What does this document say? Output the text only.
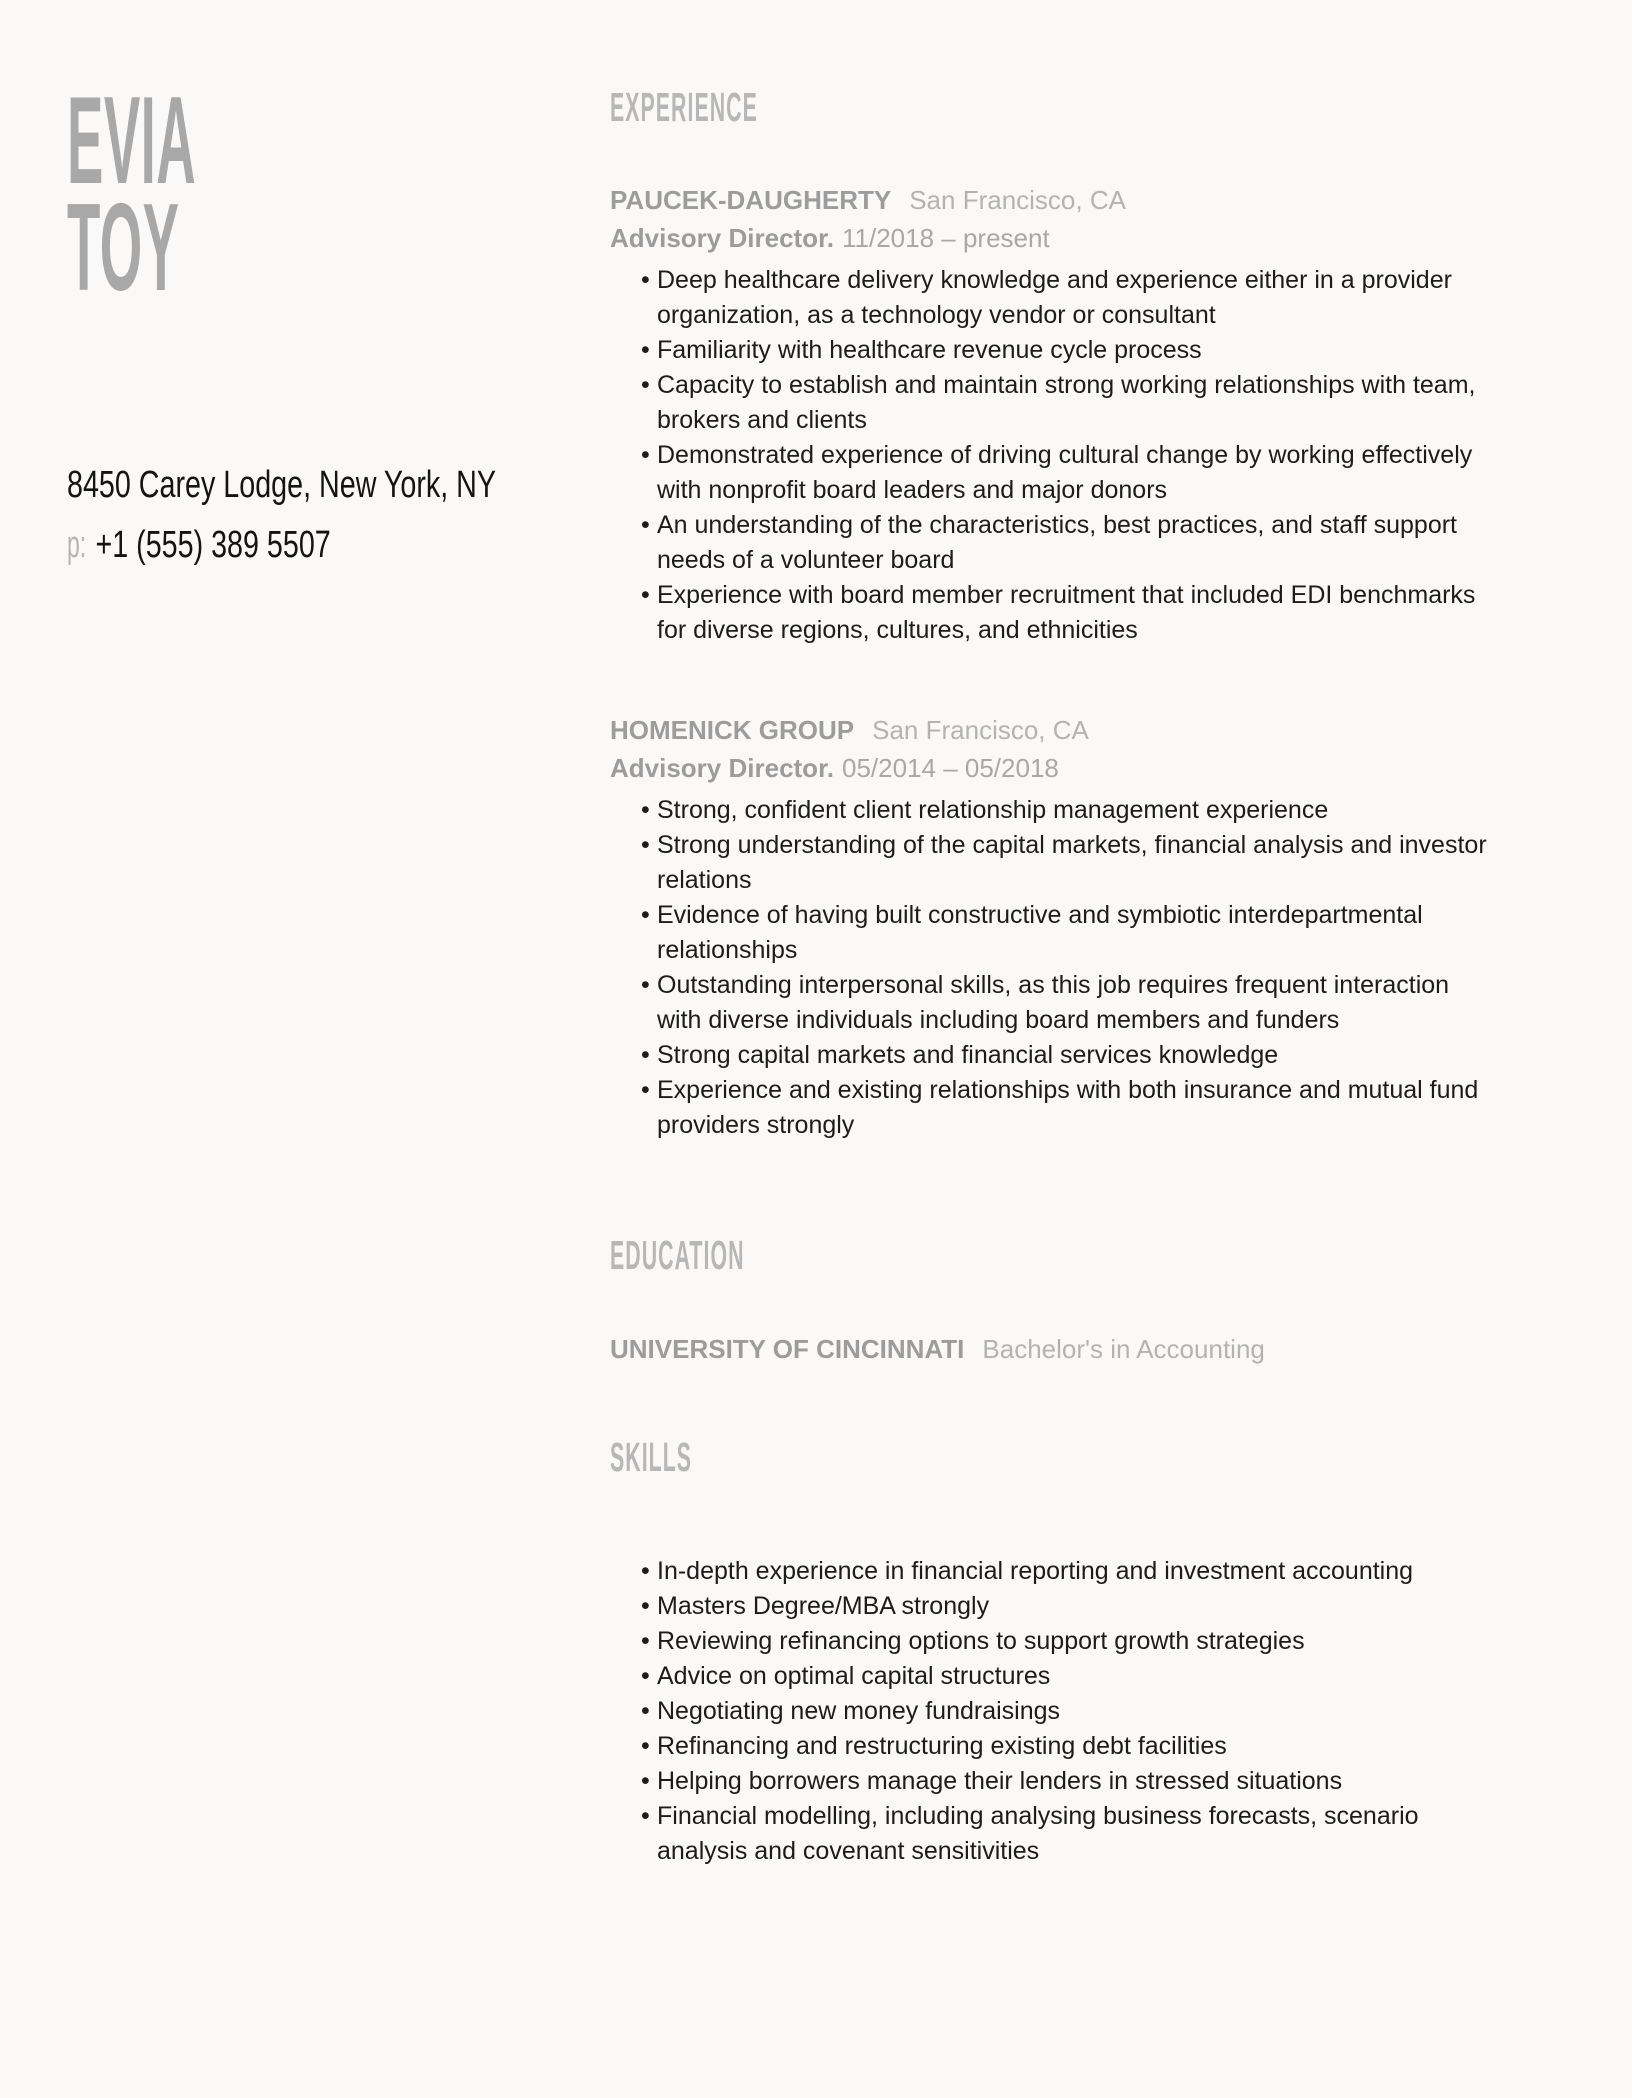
EVIA
TOY
8450 Carey Lodge, New York, NY
p: +1 (555) 389 5507
EXPERIENCE
PAUCEK-DAUGHERTY San Francisco, CA
Advisory Director. 11/2018 – present
• Deep healthcare delivery knowledge and experience either in a provider organization, as a technology vendor or consultant
• Familiarity with healthcare revenue cycle process
• Capacity to establish and maintain strong working relationships with team, brokers and clients
• Demonstrated experience of driving cultural change by working effectively with nonprofit board leaders and major donors
• An understanding of the characteristics, best practices, and staff support needs of a volunteer board
• Experience with board member recruitment that included EDI benchmarks for diverse regions, cultures, and ethnicities
HOMENICK GROUP San Francisco, CA
Advisory Director. 05/2014 – 05/2018
• Strong, confident client relationship management experience
• Strong understanding of the capital markets, financial analysis and investor relations
• Evidence of having built constructive and symbiotic interdepartmental relationships
• Outstanding interpersonal skills, as this job requires frequent interaction with diverse individuals including board members and funders
• Strong capital markets and financial services knowledge
• Experience and existing relationships with both insurance and mutual fund providers strongly
EDUCATION
UNIVERSITY OF CINCINNATI Bachelor's in Accounting
SKILLS
• In-depth experience in financial reporting and investment accounting
• Masters Degree/MBA strongly
• Reviewing refinancing options to support growth strategies
• Advice on optimal capital structures
• Negotiating new money fundraisings
• Refinancing and restructuring existing debt facilities
• Helping borrowers manage their lenders in stressed situations
• Financial modelling, including analysing business forecasts, scenario analysis and covenant sensitivities
